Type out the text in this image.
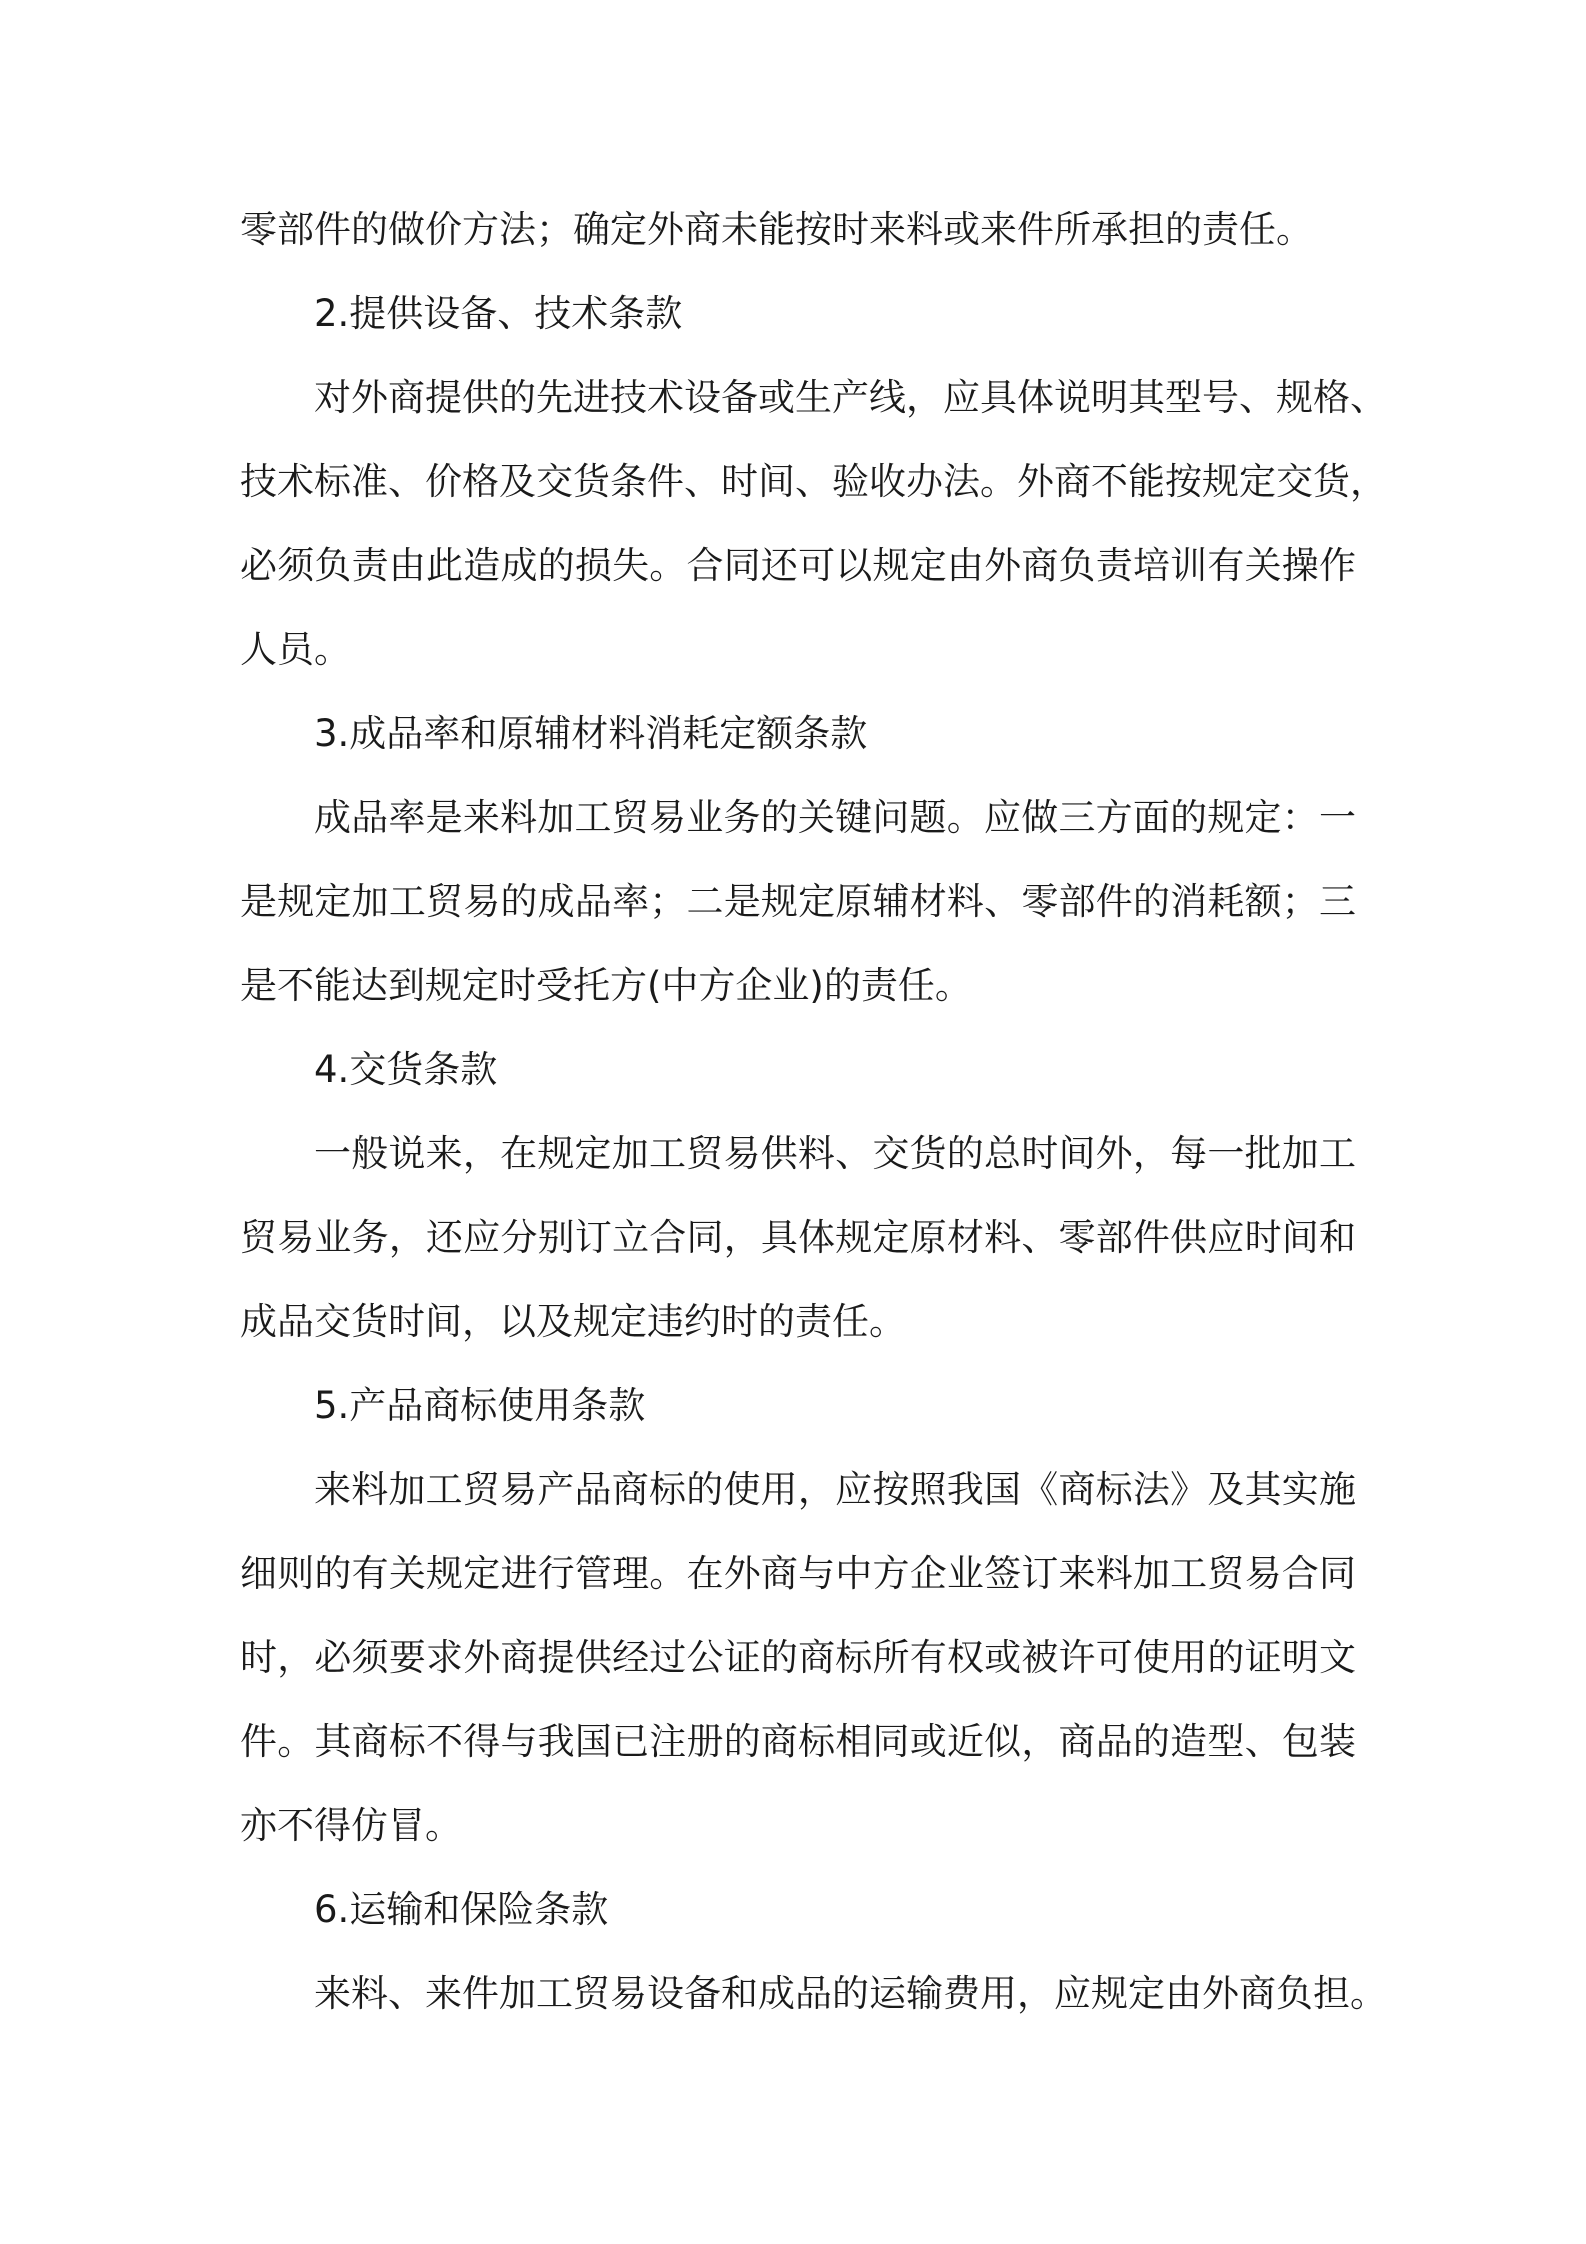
零部件的做价方法；确定外商未能按时来料或来件所承担的责任。
2.提供设备、技术条款
对外商提供的先进技术设备或生产线，应具体说明其型号、规格、
技术标准、价格及交货条件、时间、验收办法。外商不能按规定交货，
必须负责由此造成的损失。合同还可以规定由外商负责培训有关操作
人员。
3.成品率和原辅材料消耗定额条款
成品率是来料加工贸易业务的关键问题。应做三方面的规定：一
是规定加工贸易的成品率；二是规定原辅材料、零部件的消耗额；三
是不能达到规定时受托方(中方企业)的责任。
4.交货条款
一般说来，在规定加工贸易供料、交货的总时间外，每一批加工
贸易业务，还应分别订立合同，具体规定原材料、零部件供应时间和
成品交货时间，以及规定违约时的责任。
5.产品商标使用条款
来料加工贸易产品商标的使用，应按照我国《商标法》及其实施
细则的有关规定进行管理。在外商与中方企业签订来料加工贸易合同
时，必须要求外商提供经过公证的商标所有权或被许可使用的证明文
件。其商标不得与我国已注册的商标相同或近似，商品的造型、包装
亦不得仿冒。
6.运输和保险条款
来料、来件加工贸易设备和成品的运输费用，应规定由外商负担。
